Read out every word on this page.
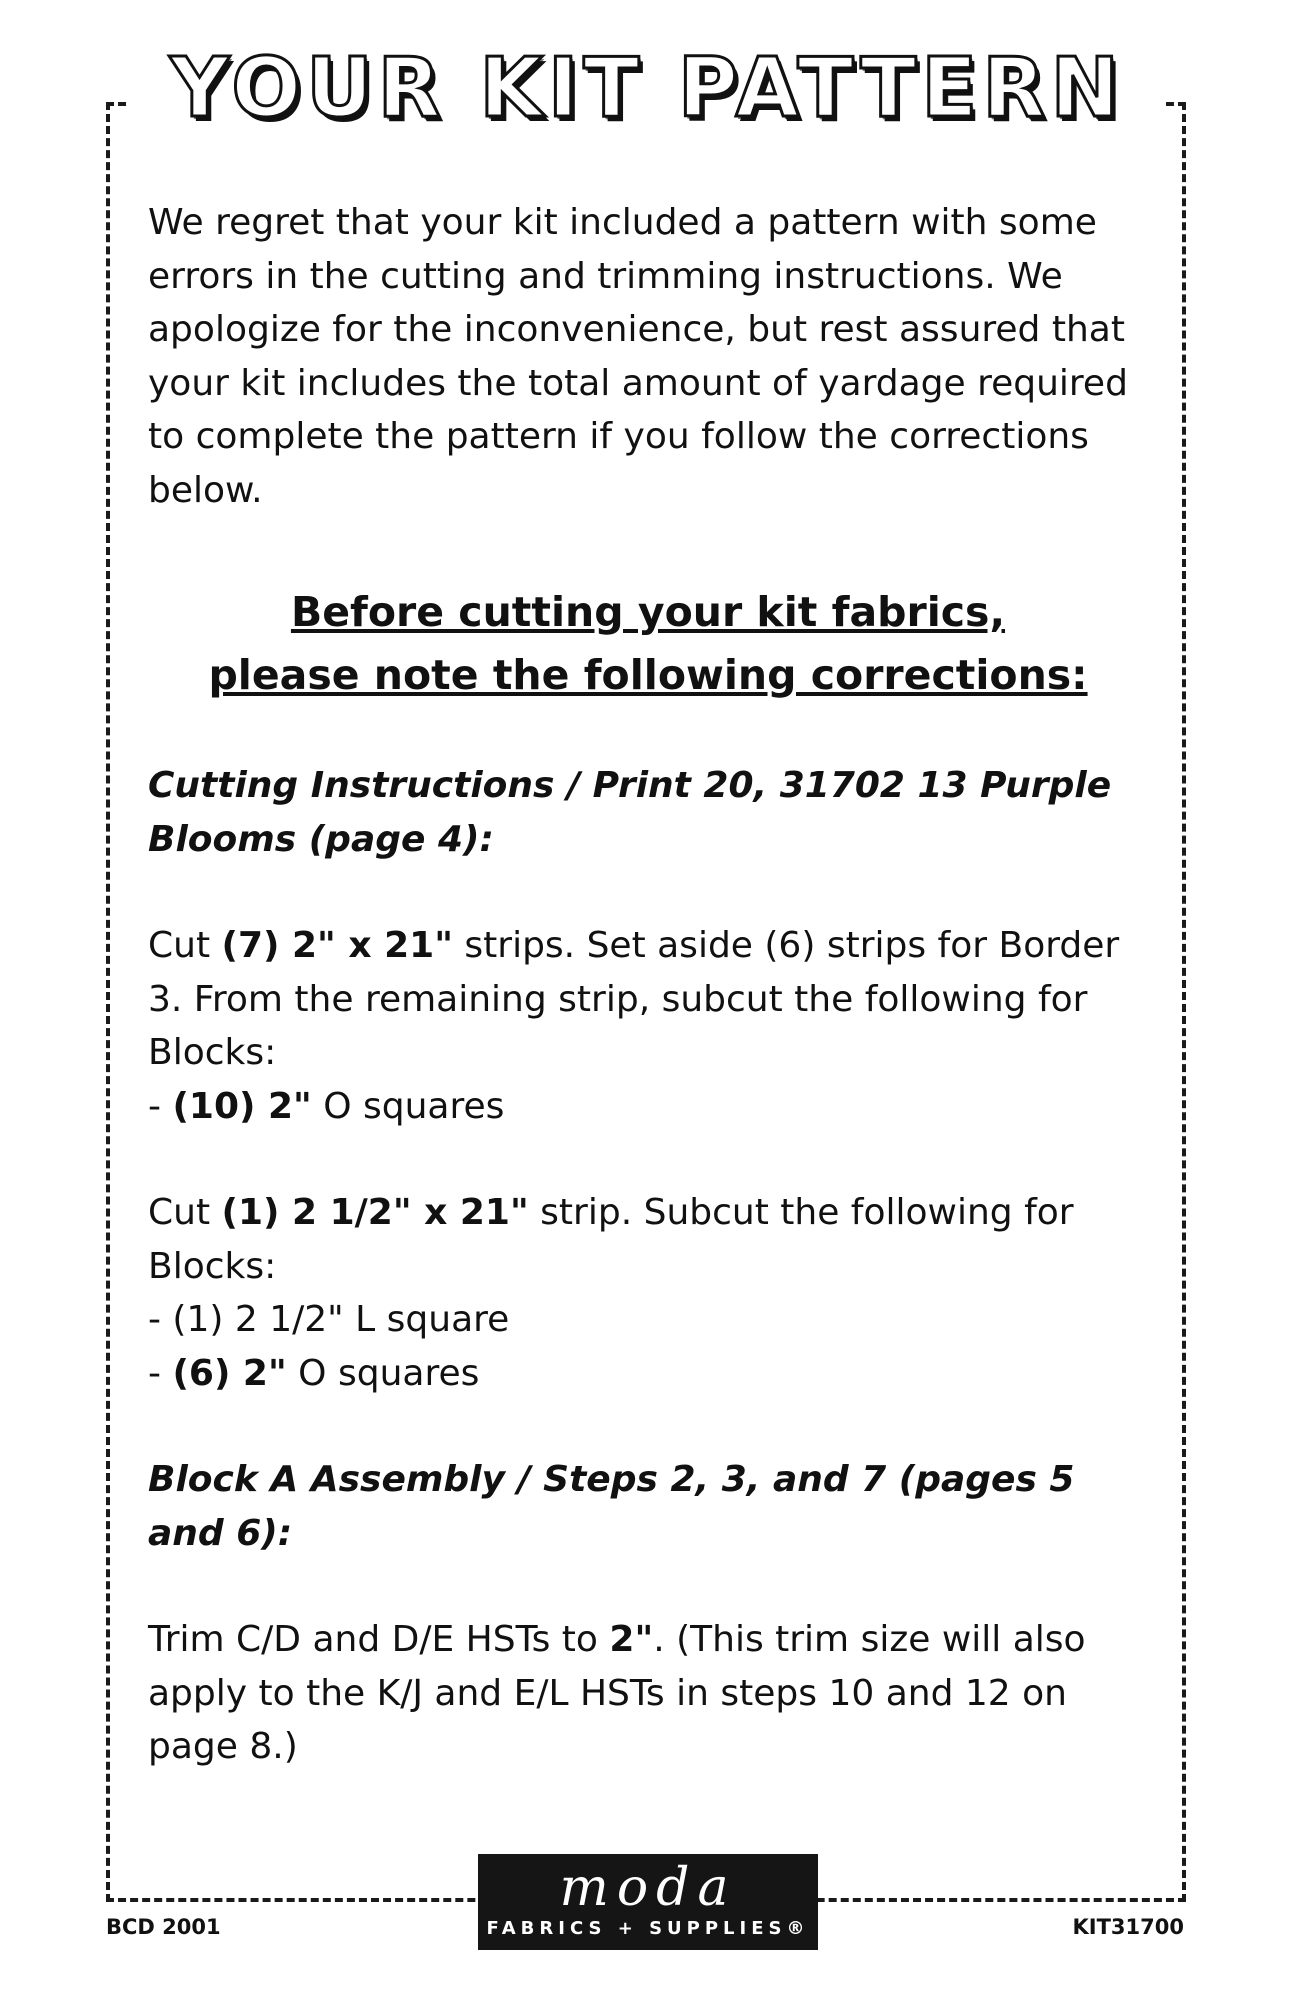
YOUR KIT PATTERN

We regret that your kit included a pattern with some errors in the cutting and trimming instructions. We apologize for the inconvenience, but rest assured that your kit includes the total amount of yardage required to complete the pattern if you follow the corrections below.

Before cutting your kit fabrics,
please note the following corrections:

Cutting Instructions / Print 20, 31702 13 Purple Blooms (page 4):

Cut (7) 2" x 21" strips. Set aside (6) strips for Border 3. From the remaining strip, subcut the following for Blocks:

- (10) 2" O squares

Cut (1) 2 1/2" x 21" strip. Subcut the following for Blocks:

- (1) 2 1/2" L square

- (6) 2" O squares

Block A Assembly / Steps 2, 3, and 7 (pages 5 and 6):

Trim C/D and D/E HSTs to 2". (This trim size will also apply to the K/J and E/L HSTs in steps 10 and 12 on page 8.)

moda
FABRICS + SUPPLIES®
BCD 2001	KIT31700
